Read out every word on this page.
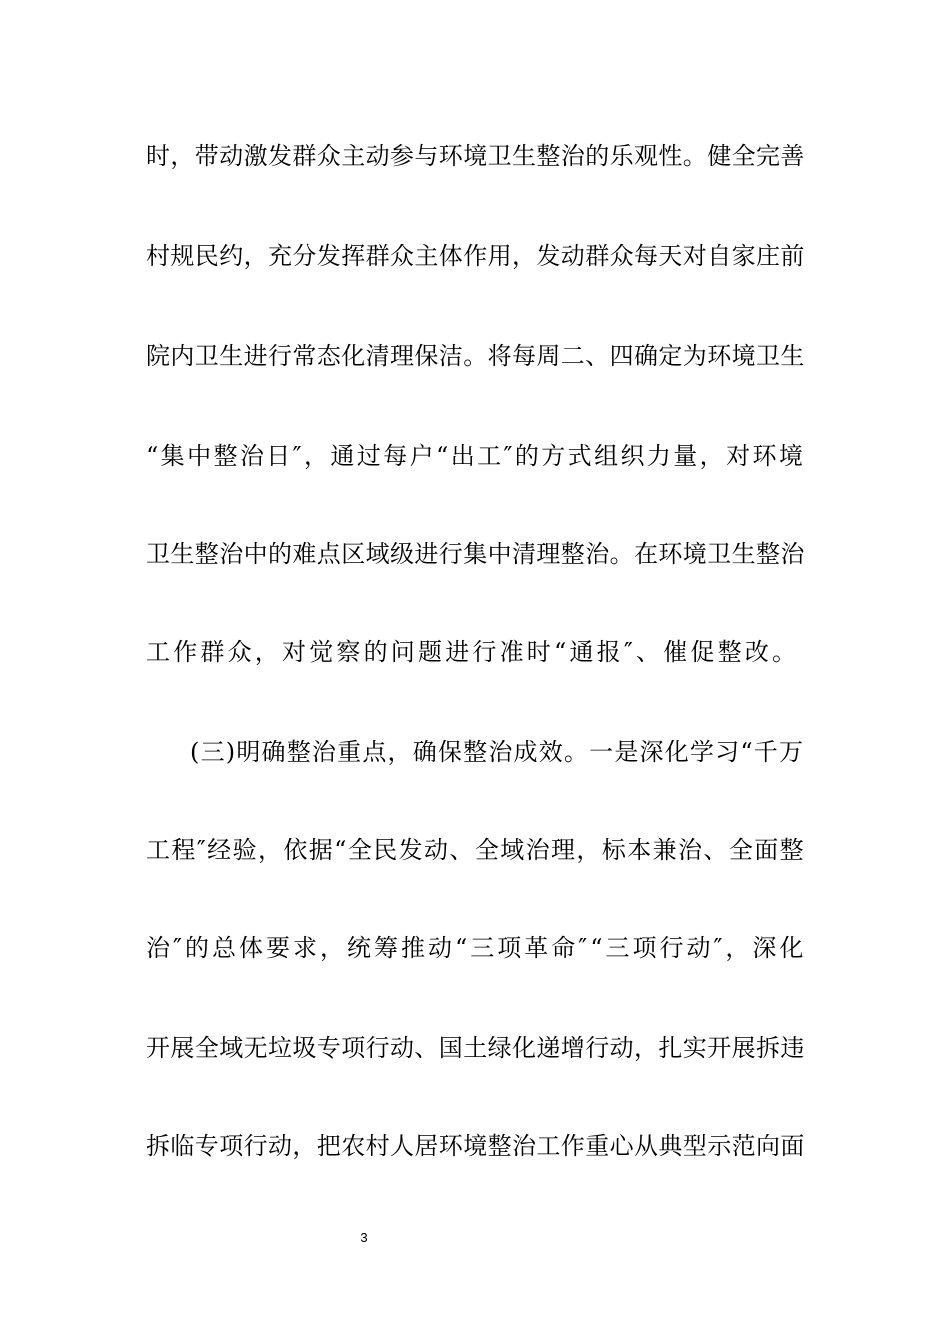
时，带动激发群众主动参与环境卫生整治的乐观性。健全完善
村规民约，充分发挥群众主体作用，发动群众每天对自家庄前
院内卫生进行常态化清理保洁。将每周二、四确定为环境卫生
“集中整治日″，通过每户“出工″的方式组织力量，对环境
卫生整治中的难点区域级进行集中清理整治。在环境卫生整治
工作群众，对觉察的问题进行准时“通报″、催促整改。
(三)明确整治重点，确保整治成效。一是深化学习“千万
工程″经验，依据“全民发动、全域治理，标本兼治、全面整
治″的总体要求，统筹推动“三项革命″“三项行动″，深化
开展全域无垃圾专项行动、国土绿化递增行动，扎实开展拆违
拆临专项行动，把农村人居环境整治工作重心从典型示范向面
3
